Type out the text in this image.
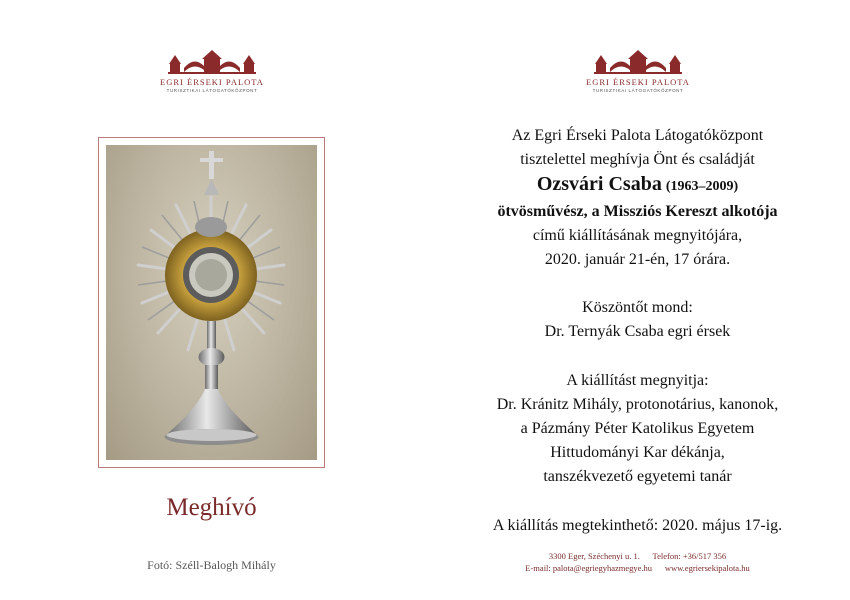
EGRI ÉRSEKI PALOTA
TURISZTIKAI LÁTOGATÓKÖZPONT
EGRI ÉRSEKI PALOTA
TURISZTIKAI LÁTOGATÓKÖZPONT
Meghívó
Fotó: Széll-Balogh Mihály
Az Egri Érseki Palota Látogatóközpont
tisztelettel meghívja Önt és családját
Ozsvári Csaba (1963–2009)
ötvösművész, a Missziós Kereszt alkotója
című kiállításának megnyitójára,
2020. január 21-én, 17 órára.
Köszöntőt mond:
Dr. Ternyák Csaba egri érsek
A kiállítást megnyitja:
Dr. Kránitz Mihály, protonotárius, kanonok,
a Pázmány Péter Katolikus Egyetem
Hittudományi Kar dékánja,
tanszékvezető egyetemi tanár
A kiállítás megtekinthető: 2020. május 17-ig.
3300 Eger, Széchenyi u. 1. Telefon: +36/517 356
E-mail: palota@egriegyhazmegye.hu www.egriersekipalota.hu
